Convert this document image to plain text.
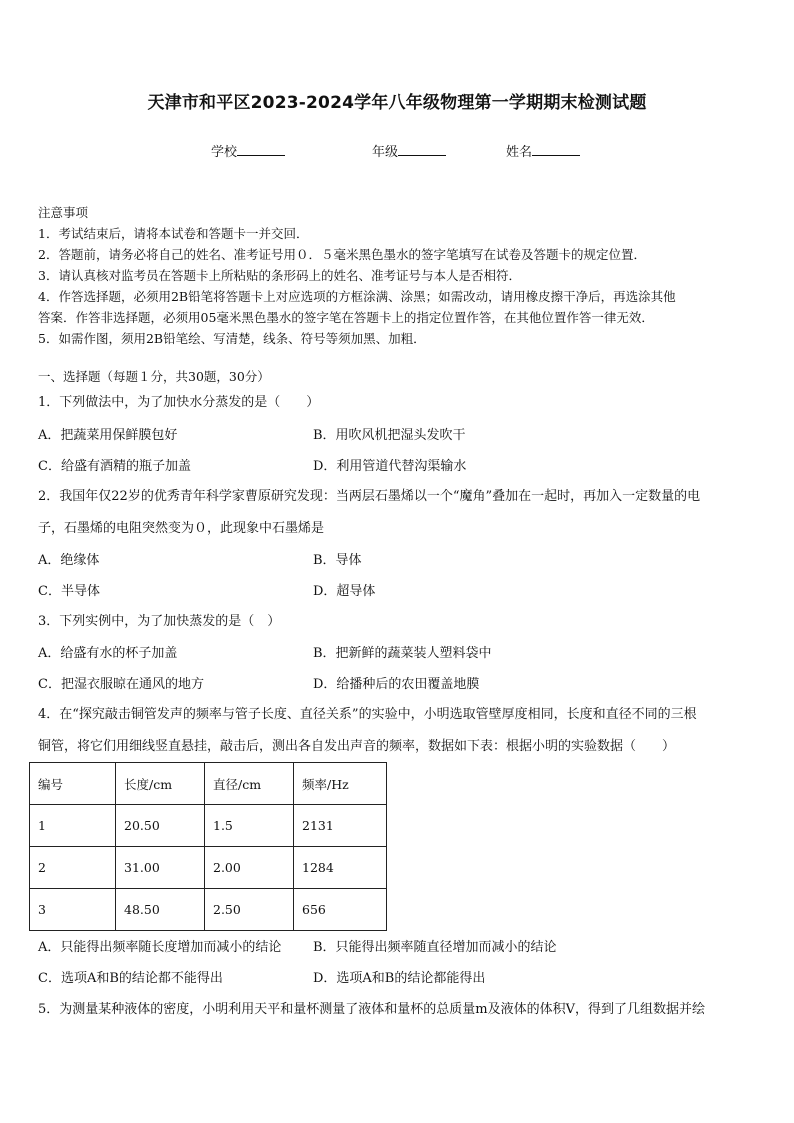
天津市和平区2023-2024学年八年级物理第一学期期末检测试题
学校	年级	姓名

注意事项

1．考试结束后，请将本试卷和答题卡一并交回．

2．答题前，请务必将自己的姓名、准考证号用０．５毫米黑色墨水的签字笔填写在试卷及答题卡的规定位置．

3．请认真核对监考员在答题卡上所粘贴的条形码上的姓名、准考证号与本人是否相符．

4．作答选择题，必须用2B铅笔将答题卡上对应选项的方框涂满、涂黑；如需改动，请用橡皮擦干净后，再选涂其他

答案．作答非选择题，必须用05毫米黑色墨水的签字笔在答题卡上的指定位置作答，在其他位置作答一律无效．

5．如需作图，须用2B铅笔绘、写清楚，线条、符号等须加黑、加粗．

一、选择题（每题１分，共30题，30分）

1．下列做法中，为了加快水分蒸发的是（　　）

A．把蔬菜用保鲜膜包好	B．用吹风机把湿头发吹干
C．给盛有酒精的瓶子加盖	D．利用管道代替沟渠输水

2．我国年仅22岁的优秀青年科学家曹原研究发现：当两层石墨烯以一个“魔角”叠加在一起时，再加入一定数量的电

子，石墨烯的电阻突然变为０，此现象中石墨烯是

A．绝缘体	B．导体
C．半导体	D．超导体

3．下列实例中，为了加快蒸发的是（　）

A．给盛有水的杯子加盖	B．把新鲜的蔬菜装人塑料袋中
C．把湿衣服晾在通风的地方	D．给播种后的农田覆盖地膜

4．在“探究敲击铜管发声的频率与管子长度、直径关系”的实验中，小明选取管壁厚度相同，长度和直径不同的三根

铜管，将它们用细线竖直悬挂，敲击后，测出各自发出声音的频率，数据如下表：根据小明的实验数据（　　）

编号	长度/cm	直径/cm	频率/Hz
1	20.50	1.5	2131
2	31.00	2.00	1284
3	48.50	2.50	656
A．只能得出频率随长度增加而减小的结论 B．只能得出频率随直径增加而减小的结论
C．选项A和B的结论都不能得出	D．选项A和B的结论都能得出

5．为测量某种液体的密度，小明利用天平和量杯测量了液体和量杯的总质量m及液体的体积V，得到了几组数据并绘
